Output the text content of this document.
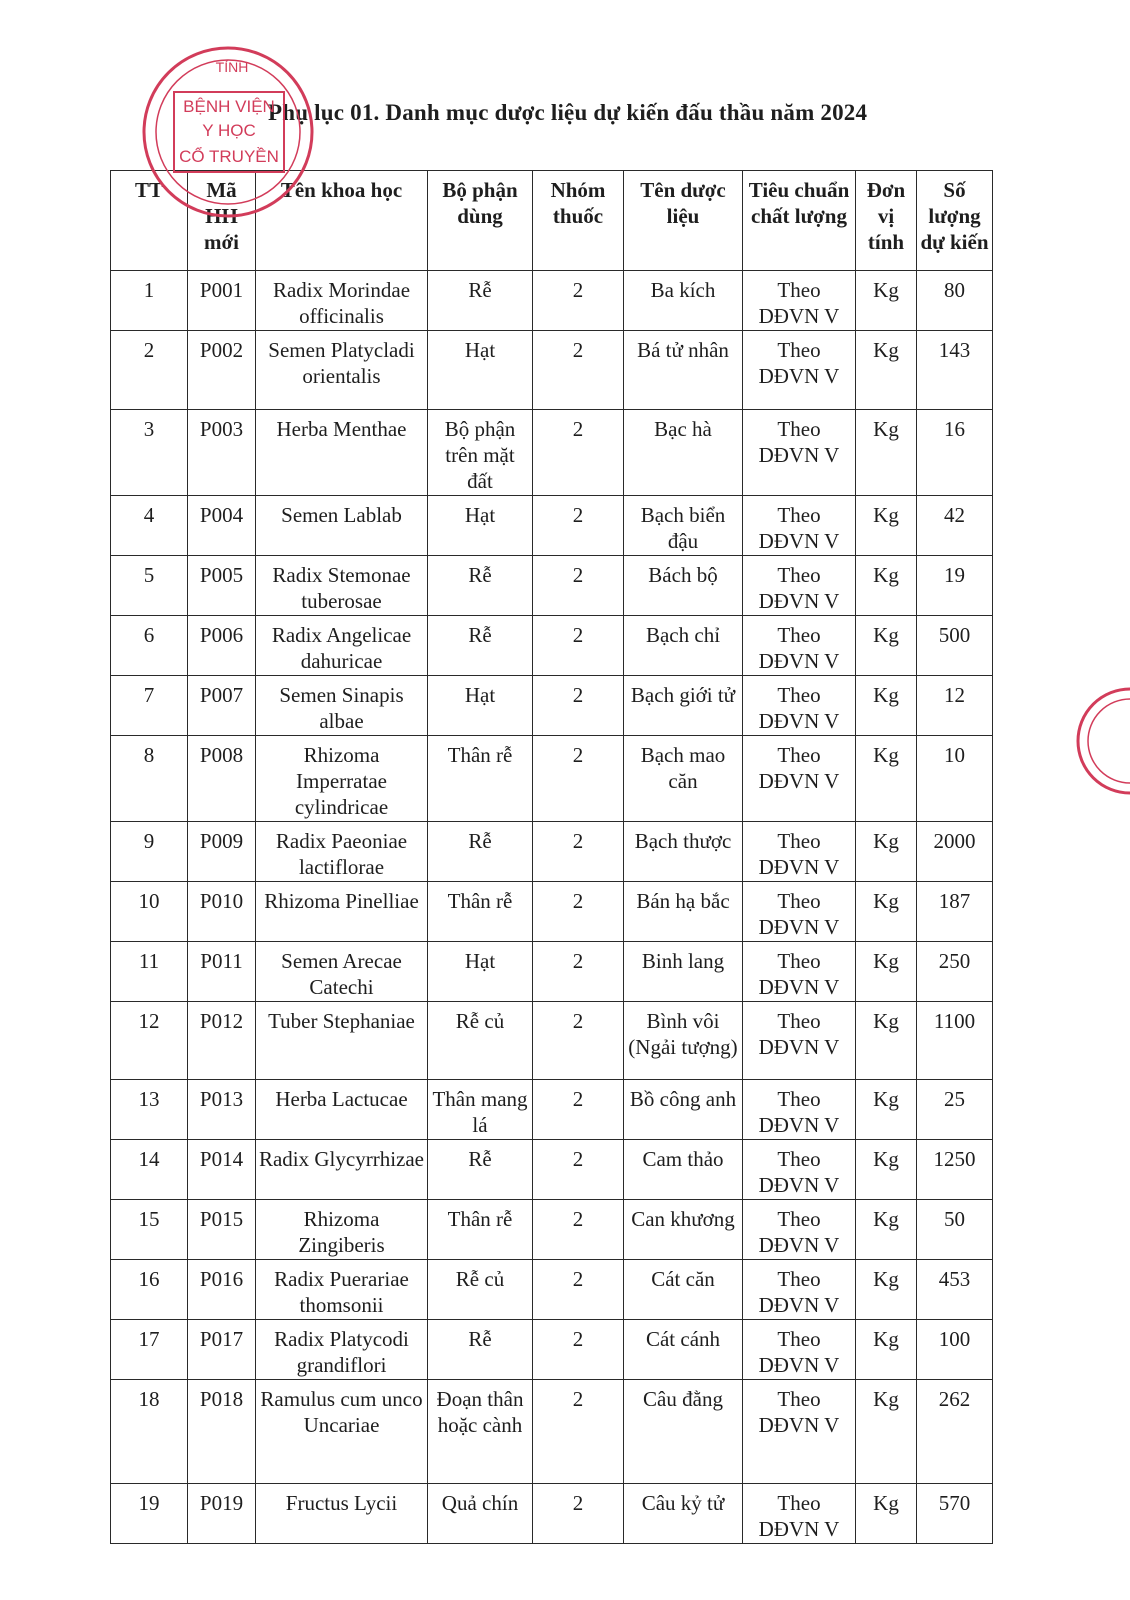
Phụ lục 01. Danh mục dược liệu dự kiến đấu thầu năm 2024
TT	Mã HH mới	Tên khoa học	Bộ phận dùng	Nhóm thuốc	Tên dược liệu	Tiêu chuẩn chất lượng	Đơn vị tính	Số lượng dự kiến
1	P001	Radix Morindae officinalis	Rễ	2	Ba kích	Theo DĐVN V	Kg	80
2	P002	Semen Platycladi orientalis	Hạt	2	Bá tử nhân	Theo DĐVN V	Kg	143
3	P003	Herba Menthae	Bộ phận trên mặt đất	2	Bạc hà	Theo DĐVN V	Kg	16
4	P004	Semen Lablab	Hạt	2	Bạch biển đậu	Theo DĐVN V	Kg	42
5	P005	Radix Stemonae tuberosae	Rễ	2	Bách bộ	Theo DĐVN V	Kg	19
6	P006	Radix Angelicae dahuricae	Rễ	2	Bạch chỉ	Theo DĐVN V	Kg	500
7	P007	Semen Sinapis albae	Hạt	2	Bạch giới tử	Theo DĐVN V	Kg	12
8	P008	Rhizoma Imperratae cylindricae	Thân rễ	2	Bạch mao căn	Theo DĐVN V	Kg	10
9	P009	Radix Paeoniae lactiflorae	Rễ	2	Bạch thược	Theo DĐVN V	Kg	2000
10	P010	Rhizoma Pinelliae	Thân rễ	2	Bán hạ bắc	Theo DĐVN V	Kg	187
11	P011	Semen Arecae Catechi	Hạt	2	Binh lang	Theo DĐVN V	Kg	250
12	P012	Tuber Stephaniae	Rễ củ	2	Bình vôi (Ngải tượng)	Theo DĐVN V	Kg	1100
13	P013	Herba Lactucae	Thân mang lá	2	Bồ công anh	Theo DĐVN V	Kg	25
14	P014	Radix Glycyrrhizae	Rễ	2	Cam thảo	Theo DĐVN V	Kg	1250
15	P015	Rhizoma Zingiberis	Thân rễ	2	Can khương	Theo DĐVN V	Kg	50
16	P016	Radix Puerariae thomsonii	Rễ củ	2	Cát căn	Theo DĐVN V	Kg	453
17	P017	Radix Platycodi grandiflori	Rễ	2	Cát cánh	Theo DĐVN V	Kg	100
18	P018	Ramulus cum unco Uncariae	Đoạn thân hoặc cành	2	Câu đằng	Theo DĐVN V	Kg	262
19	P019	Fructus Lycii	Quả chín	2	Câu kỷ tử	Theo DĐVN V	Kg	570
TỈNH
BỆNH VIỆN
Y HỌC
CỔ TRUYỀN
